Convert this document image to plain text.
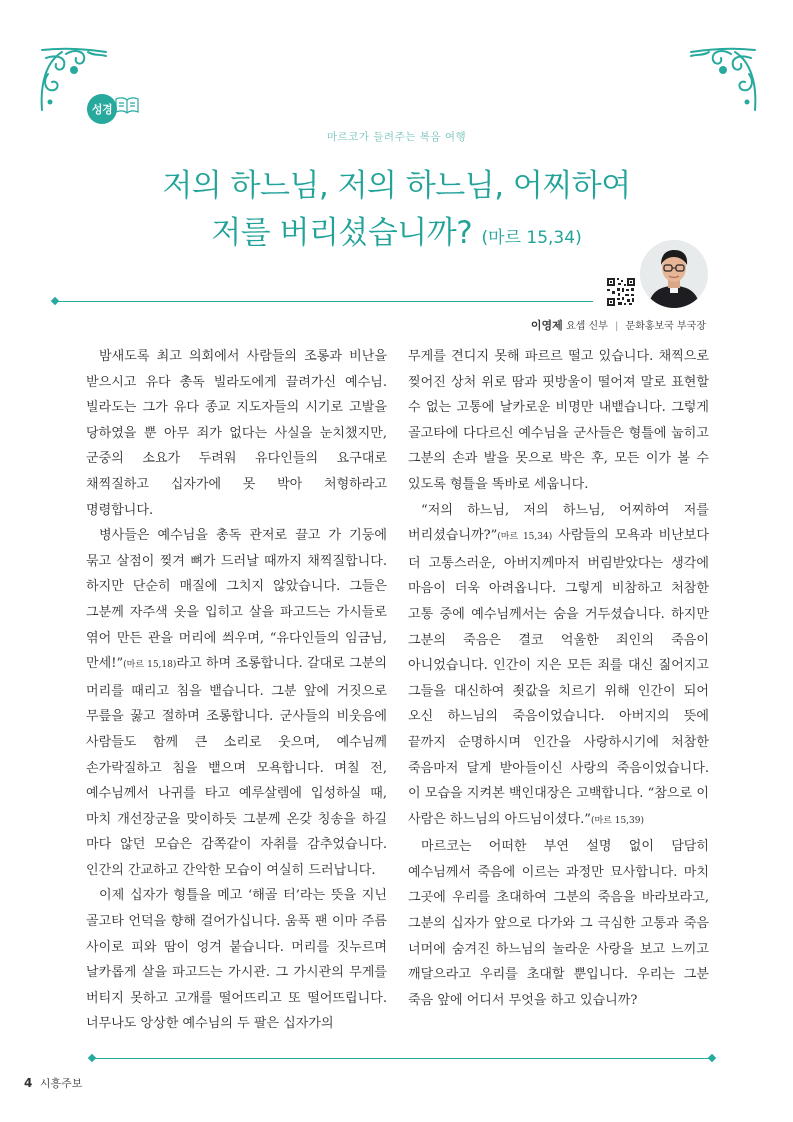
성경
마르코가 들려주는 복음 여행
저의 하느님, 저의 하느님, 어찌하여
저를 버리셨습니까? (마르 15,34)
이영제 요셉 신부 | 문화홍보국 부국장

밤새도록 최고 의회에서 사람들의 조롱과 비난을 받으시고 유다 총독 빌라도에게 끌려가신 예수님. 빌라도는 그가 유다 종교 지도자들의 시기로 고발을 당하였을 뿐 아무 죄가 없다는 사실을 눈치챘지만, 군중의 소요가 두려워 유다인들의 요구대로 채찍질하고 십자가에 못 박아 처형하라고 명령합니다.

병사들은 예수님을 총독 관저로 끌고 가 기둥에 묶고 살점이 찢겨 뼈가 드러날 때까지 채찍질합니다. 하지만 단순히 매질에 그치지 않았습니다. 그들은 그분께 자주색 옷을 입히고 살을 파고드는 가시들로 엮어 만든 관을 머리에 씌우며, “유다인들의 임금님, 만세!”(마르 15,18)라고 하며 조롱합니다. 갈대로 그분의 머리를 때리고 침을 뱉습니다. 그분 앞에 거짓으로 무릎을 꿇고 절하며 조롱합니다. 군사들의 비웃음에 사람들도 함께 큰 소리로 웃으며, 예수님께 손가락질하고 침을 뱉으며 모욕합니다. 며칠 전, 예수님께서 나귀를 타고 예루살렘에 입성하실 때, 마치 개선장군을 맞이하듯 그분께 온갖 칭송을 하길 마다 않던 모습은 감쪽같이 자취를 감추었습니다. 인간의 간교하고 간악한 모습이 여실히 드러납니다.

이제 십자가 형틀을 메고 ‘해골 터’라는 뜻을 지닌 골고타 언덕을 향해 걸어가십니다. 움푹 팬 이마 주름 사이로 피와 땀이 엉겨 붙습니다. 머리를 짓누르며 날카롭게 살을 파고드는 가시관. 그 가시관의 무게를 버티지 못하고 고개를 떨어뜨리고 또 떨어뜨립니다. 너무나도 앙상한 예수님의 두 팔은 십자가의

무게를 견디지 못해 파르르 떨고 있습니다. 채찍으로 찢어진 상처 위로 땀과 핏방울이 떨어져 말로 표현할 수 없는 고통에 날카로운 비명만 내뱉습니다. 그렇게 골고타에 다다르신 예수님을 군사들은 형틀에 눕히고 그분의 손과 발을 못으로 박은 후, 모든 이가 볼 수 있도록 형틀을 똑바로 세웁니다.

“저의 하느님, 저의 하느님, 어찌하여 저를 버리셨습니까?”(마르 15,34) 사람들의 모욕과 비난보다 더 고통스러운, 아버지께마저 버림받았다는 생각에 마음이 더욱 아려옵니다. 그렇게 비참하고 처참한 고통 중에 예수님께서는 숨을 거두셨습니다. 하지만 그분의 죽음은 결코 억울한 죄인의 죽음이 아니었습니다. 인간이 지은 모든 죄를 대신 짊어지고 그들을 대신하여 죗값을 치르기 위해 인간이 되어 오신 하느님의 죽음이었습니다. 아버지의 뜻에 끝까지 순명하시며 인간을 사랑하시기에 처참한 죽음마저 달게 받아들이신 사랑의 죽음이었습니다. 이 모습을 지켜본 백인대장은 고백합니다. “참으로 이 사람은 하느님의 아드님이셨다.”(마르 15,39)

마르코는 어떠한 부연 설명 없이 담담히 예수님께서 죽음에 이르는 과정만 묘사합니다. 마치 그곳에 우리를 초대하여 그분의 죽음을 바라보라고, 그분의 십자가 앞으로 다가와 그 극심한 고통과 죽음 너머에 숨겨진 하느님의 놀라운 사랑을 보고 느끼고 깨달으라고 우리를 초대할 뿐입니다. 우리는 그분 죽음 앞에 어디서 무엇을 하고 있습니까?

4 시흥주보
